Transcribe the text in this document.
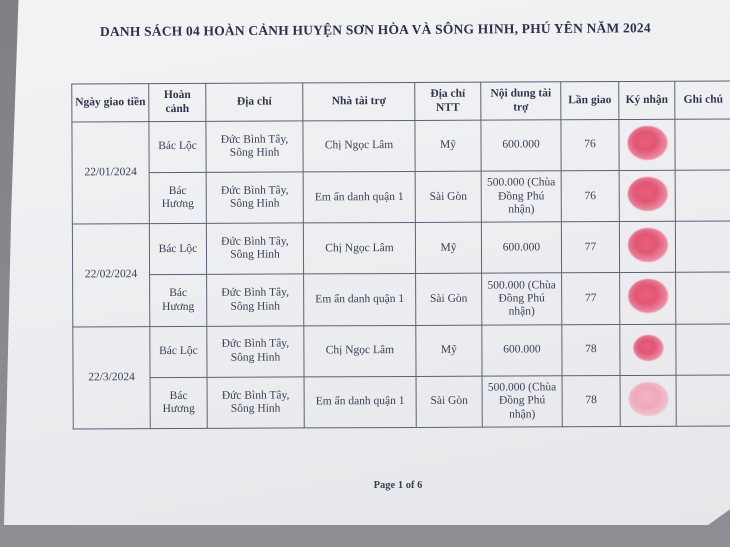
DANH SÁCH 04 HOÀN CẢNH HUYỆN SƠN HÒA VÀ SÔNG HINH, PHÚ YÊN NĂM 2024
Ngày giao tiền	Hoàn cảnh	Địa chỉ	Nhà tài trợ	Địa chỉ NTT	Nội dung tài trợ	Lần giao	Ký nhận	Ghi chú
22/01/2024	Bác Lộc	Đức Bình Tây, Sông Hinh	Chị Ngọc Lâm	Mỹ	600.000	76		
	Bác Hương	Đức Bình Tây, Sông Hinh	Em ẩn danh quận 1	Sài Gòn	500.000 (Chùa Đồng Phú nhận)	76		
22/02/2024	Bác Lộc	Đức Bình Tây, Sông Hinh	Chị Ngọc Lâm	Mỹ	600.000	77		
	Bác Hương	Đức Bình Tây, Sông Hinh	Em ẩn danh quận 1	Sài Gòn	500.000 (Chùa Đồng Phú nhận)	77		
22/3/2024	Bác Lộc	Đức Bình Tây, Sông Hinh	Chị Ngọc Lâm	Mỹ	600.000	78		
	Bác Hương	Đức Bình Tây, Sông Hinh	Em ẩn danh quận 1	Sài Gòn	500.000 (Chùa Đồng Phú nhận)	78		
Page 1 of 6
